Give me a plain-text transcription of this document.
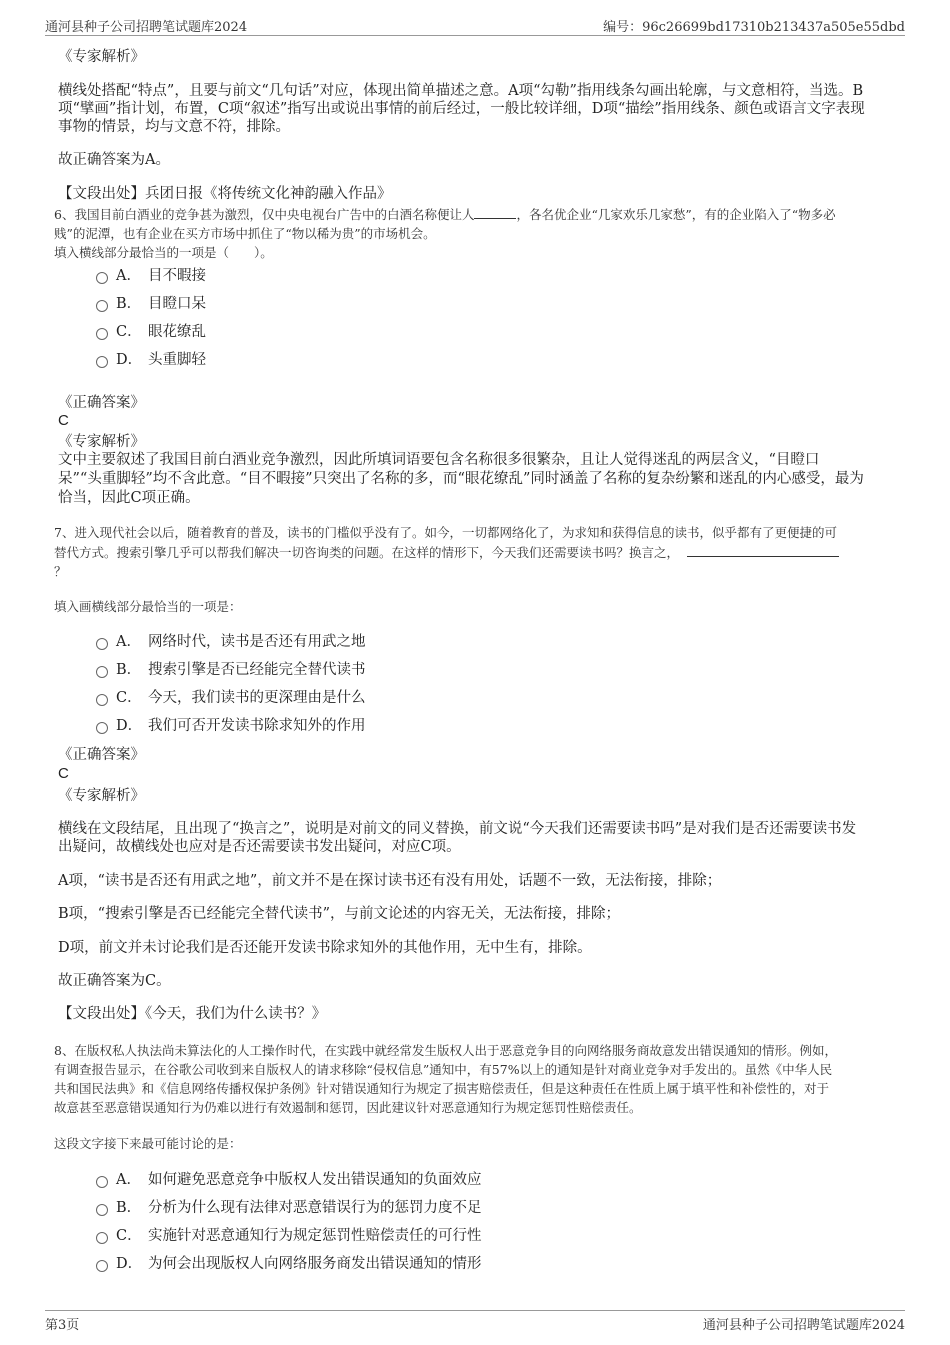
通河县种子公司招聘笔试题库2024	编号：96c26699bd17310b213437a505e55dbd
《专家解析》
横线处搭配“特点”，且要与前文“几句话”对应，体现出简单描述之意。A项“勾勒”指用线条勾画出轮廓，与文意相符，当选。B
项“擘画”指计划，布置，C项“叙述”指写出或说出事情的前后经过，一般比较详细，D项“描绘”指用线条、颜色或语言文字表现
事物的情景，均与文意不符，排除。
故正确答案为A。
【文段出处】兵团日报《将传统文化神韵融入作品》
6、我国目前白酒业的竞争甚为激烈，仅中央电视台广告中的白酒名称便让人	，各名优企业“几家欢乐几家愁”，有的企业陷入了“物多必
贱”的泥潭，也有企业在买方市场中抓住了“物以稀为贵”的市场机会。
填入横线部分最恰当的一项是（　　）。
A． 目不暇接
B． 目瞪口呆
C． 眼花缭乱
D． 头重脚轻
《正确答案》
C
《专家解析》
文中主要叙述了我国目前白酒业竞争激烈，因此所填词语要包含名称很多很繁杂，且让人觉得迷乱的两层含义，“目瞪口
呆”“头重脚轻”均不含此意。“目不暇接”只突出了名称的多，而“眼花缭乱”同时涵盖了名称的复杂纷繁和迷乱的内心感受，最为
恰当，因此C项正确。
7、进入现代社会以后，随着教育的普及，读书的门槛似乎没有了。如今，一切都网络化了，为求知和获得信息的读书，似乎都有了更便捷的可
替代方式。搜索引擎几乎可以帮我们解决一切咨询类的问题。在这样的情形下，今天我们还需要读书吗？换言之，
？
填入画横线部分最恰当的一项是：
A． 网络时代，读书是否还有用武之地
B． 搜索引擎是否已经能完全替代读书
C． 今天，我们读书的更深理由是什么
D． 我们可否开发读书除求知外的作用
《正确答案》
C
《专家解析》
横线在文段结尾，且出现了“换言之”，说明是对前文的同义替换，前文说“今天我们还需要读书吗”是对我们是否还需要读书发
出疑问，故横线处也应对是否还需要读书发出疑问，对应C项。
A项，“读书是否还有用武之地”，前文并不是在探讨读书还有没有用处，话题不一致，无法衔接，排除；
B项，“搜索引擎是否已经能完全替代读书”，与前文论述的内容无关，无法衔接，排除；
D项，前文并未讨论我们是否还能开发读书除求知外的其他作用，无中生有，排除。
故正确答案为C。
【文段出处】《今天，我们为什么读书？》
8、在版权私人执法尚未算法化的人工操作时代，在实践中就经常发生版权人出于恶意竞争目的向网络服务商故意发出错误通知的情形。例如，
有调查报告显示，在谷歌公司收到来自版权人的请求移除“侵权信息”通知中，有57%以上的通知是针对商业竞争对手发出的。虽然《中华人民
共和国民法典》和《信息网络传播权保护条例》针对错误通知行为规定了损害赔偿责任，但是这种责任在性质上属于填平性和补偿性的，对于
故意甚至恶意错误通知行为仍难以进行有效遏制和惩罚，因此建议针对恶意通知行为规定惩罚性赔偿责任。
这段文字接下来最可能讨论的是：
A． 如何避免恶意竞争中版权人发出错误通知的负面效应
B． 分析为什么现有法律对恶意错误行为的惩罚力度不足
C． 实施针对恶意通知行为规定惩罚性赔偿责任的可行性
D． 为何会出现版权人向网络服务商发出错误通知的情形
第3页	通河县种子公司招聘笔试题库2024
